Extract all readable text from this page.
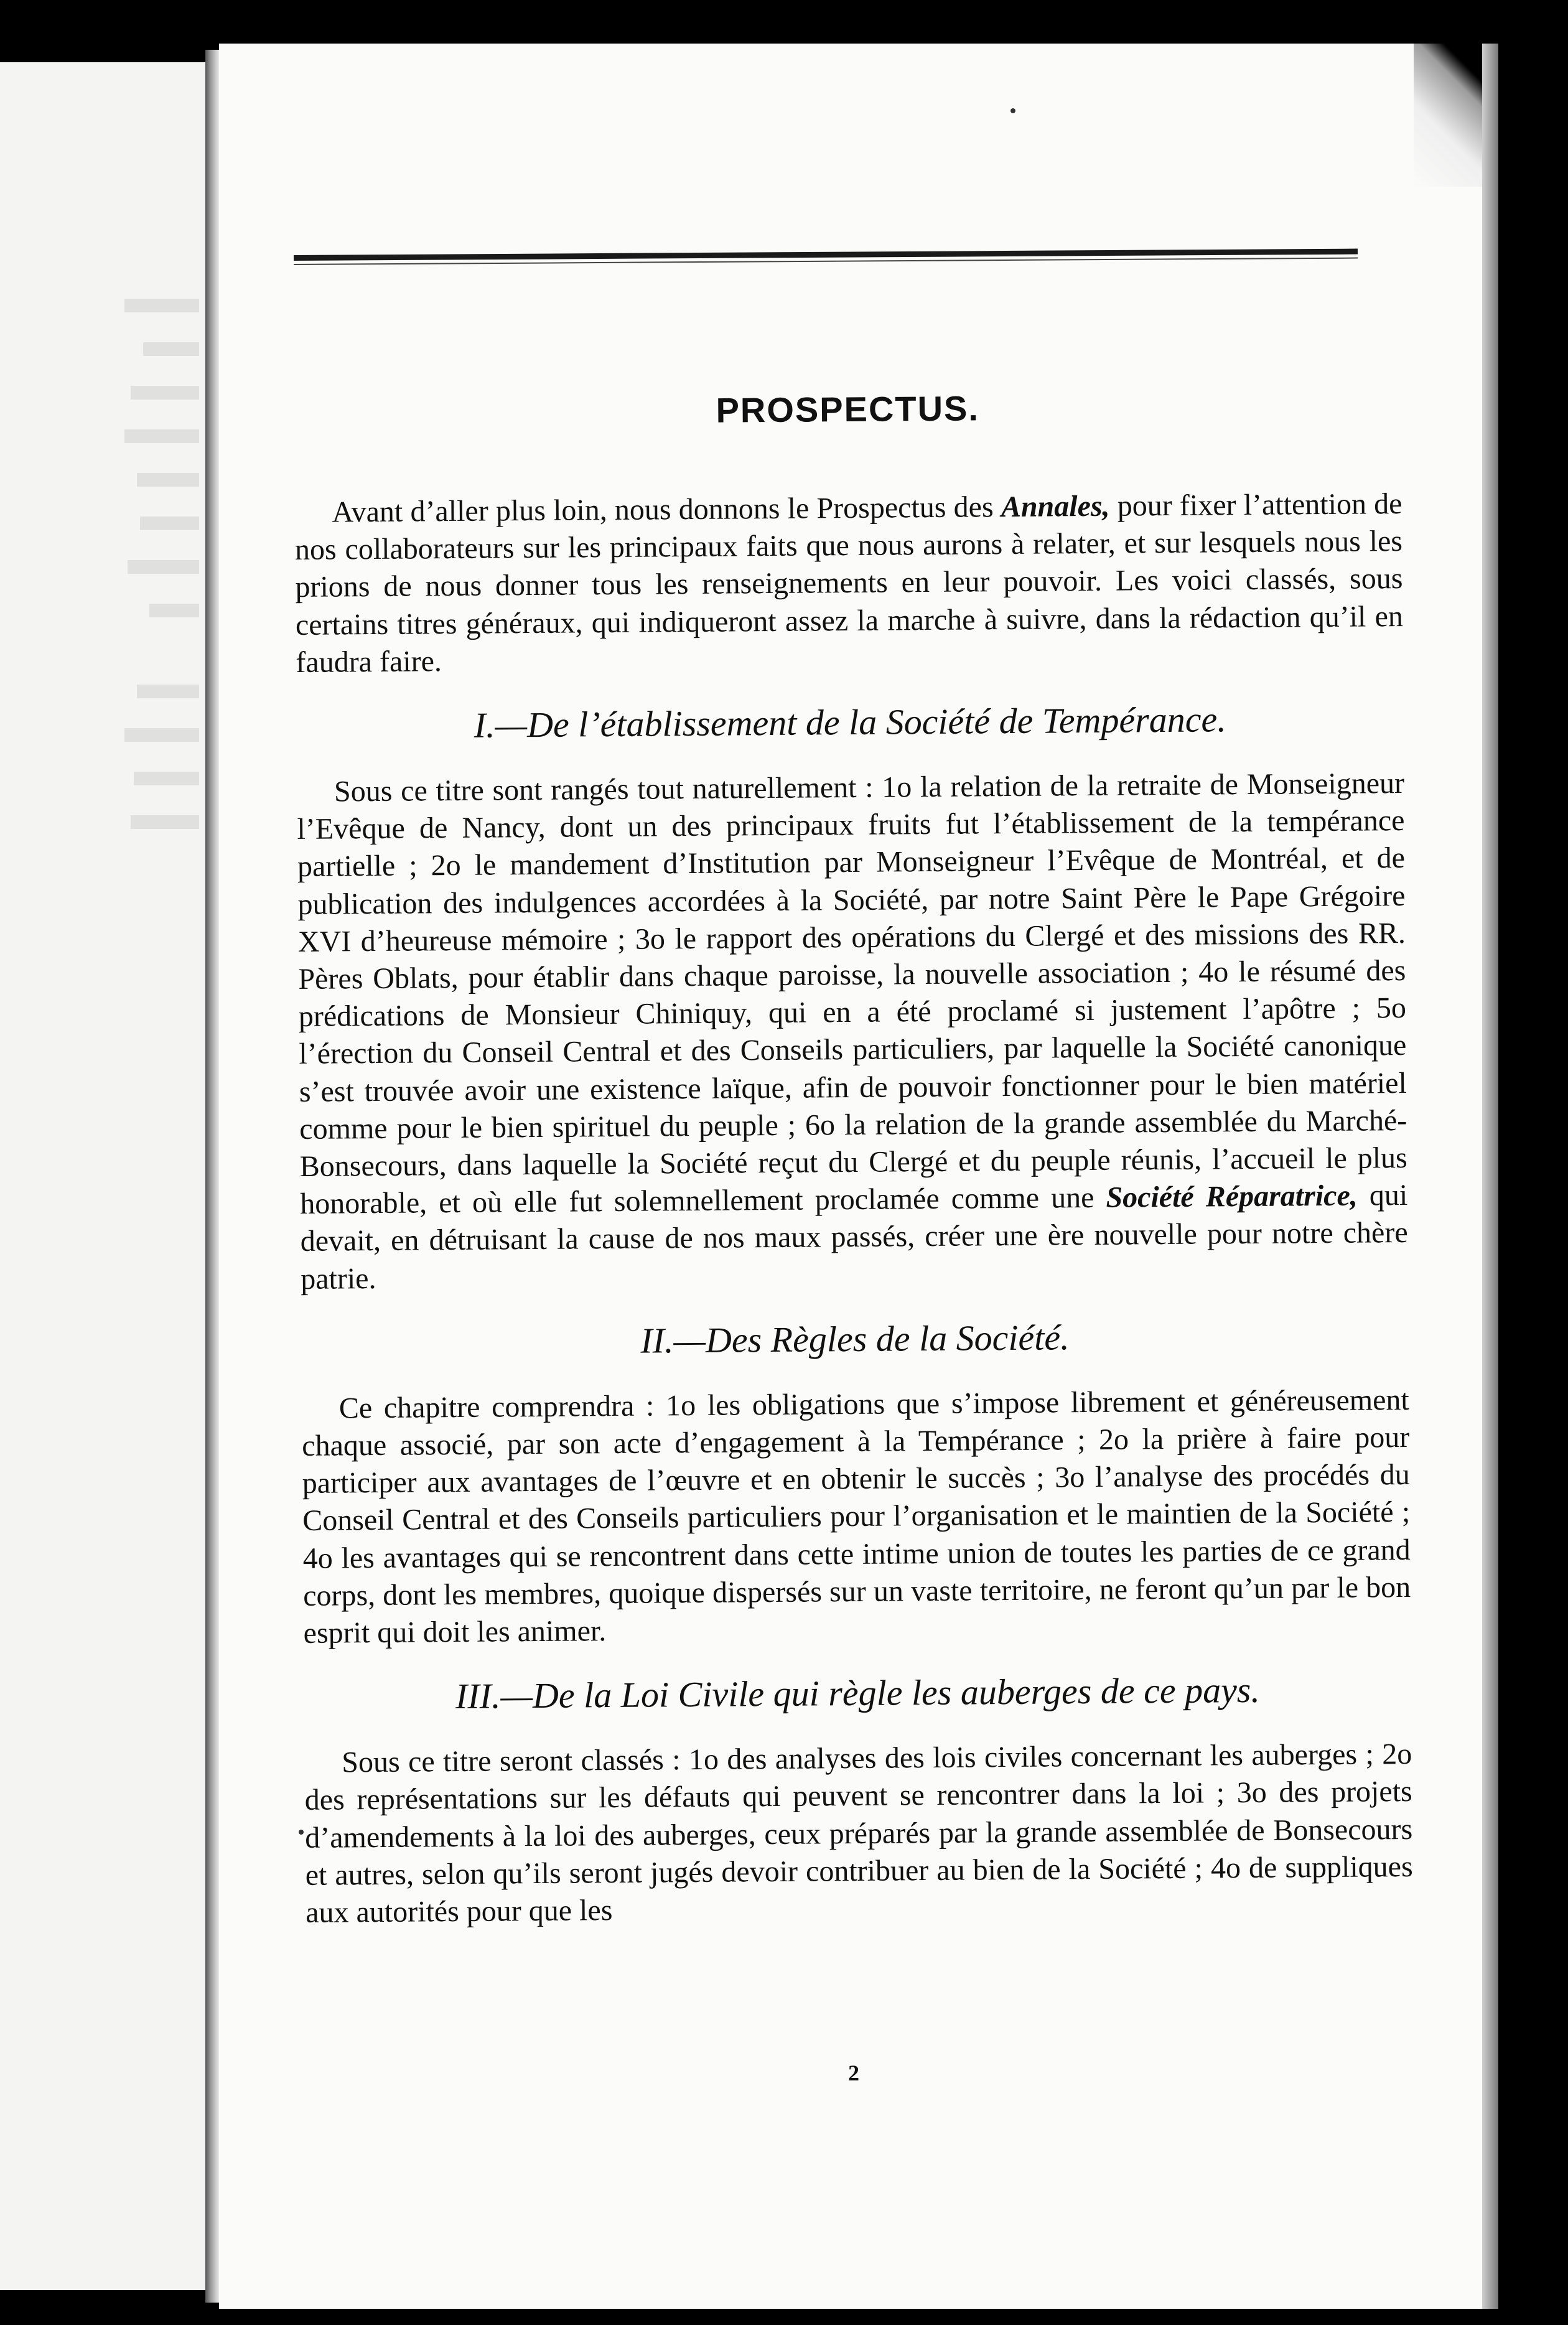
PROSPECTUS.

Avant d’aller plus loin, nous donnons le Prospectus des Annales, pour fixer l’attention de nos collaborateurs sur les principaux faits que nous aurons à relater, et sur lesquels nous les prions de nous donner tous les renseignements en leur pouvoir. Les voici classés, sous certains titres généraux, qui indiqueront assez la marche à suivre, dans la rédaction qu’il en faudra faire.

I.—De l’établissement de la Société de Tempérance.

Sous ce titre sont rangés tout naturellement : 1o la relation de la retraite de Monseigneur l’Evêque de Nancy, dont un des principaux fruits fut l’établissement de la tempérance partielle ; 2o le mandement d’Institution par Monseigneur l’Evêque de Montréal, et de publication des indulgences accordées à la Société, par notre Saint Père le Pape Grégoire XVI d’heureuse mémoire ; 3o le rapport des opérations du Clergé et des missions des RR. Pères Oblats, pour établir dans chaque paroisse, la nouvelle association ; 4o le résumé des prédications de Monsieur Chiniquy, qui en a été proclamé si justement l’apôtre ; 5o l’érection du Conseil Central et des Conseils particuliers, par laquelle la Société canonique s’est trouvée avoir une existence laïque, afin de pouvoir fonctionner pour le bien matériel comme pour le bien spirituel du peuple ; 6o la relation de la grande assemblée du Marché-Bonsecours, dans laquelle la Société reçut du Clergé et du peuple réunis, l’accueil le plus honorable, et où elle fut solemnellement proclamée comme une Société Réparatrice, qui devait, en détruisant la cause de nos maux passés, créer une ère nouvelle pour notre chère patrie.

II.—Des Règles de la Société.

Ce chapitre comprendra : 1o les obligations que s’impose librement et généreusement chaque associé, par son acte d’engagement à la Tempérance ; 2o la prière à faire pour participer aux avantages de l’œuvre et en obtenir le succès ; 3o l’analyse des procédés du Conseil Central et des Conseils particuliers pour l’organisation et le maintien de la Société ; 4o les avantages qui se rencontrent dans cette intime union de toutes les parties de ce grand corps, dont les membres, quoique dispersés sur un vaste territoire, ne feront qu’un par le bon esprit qui doit les animer.

III.—De la Loi Civile qui règle les auberges de ce pays.

Sous ce titre seront classés : 1o des analyses des lois civiles concernant les auberges ; 2o des représentations sur les défauts qui peuvent se rencontrer dans la loi ; 3o des projets d’amendements à la loi des auberges, ceux préparés par la grande assemblée de Bonsecours et autres, selon qu’ils seront jugés devoir contribuer au bien de la Société ; 4o de suppliques aux autorités pour que les

2
